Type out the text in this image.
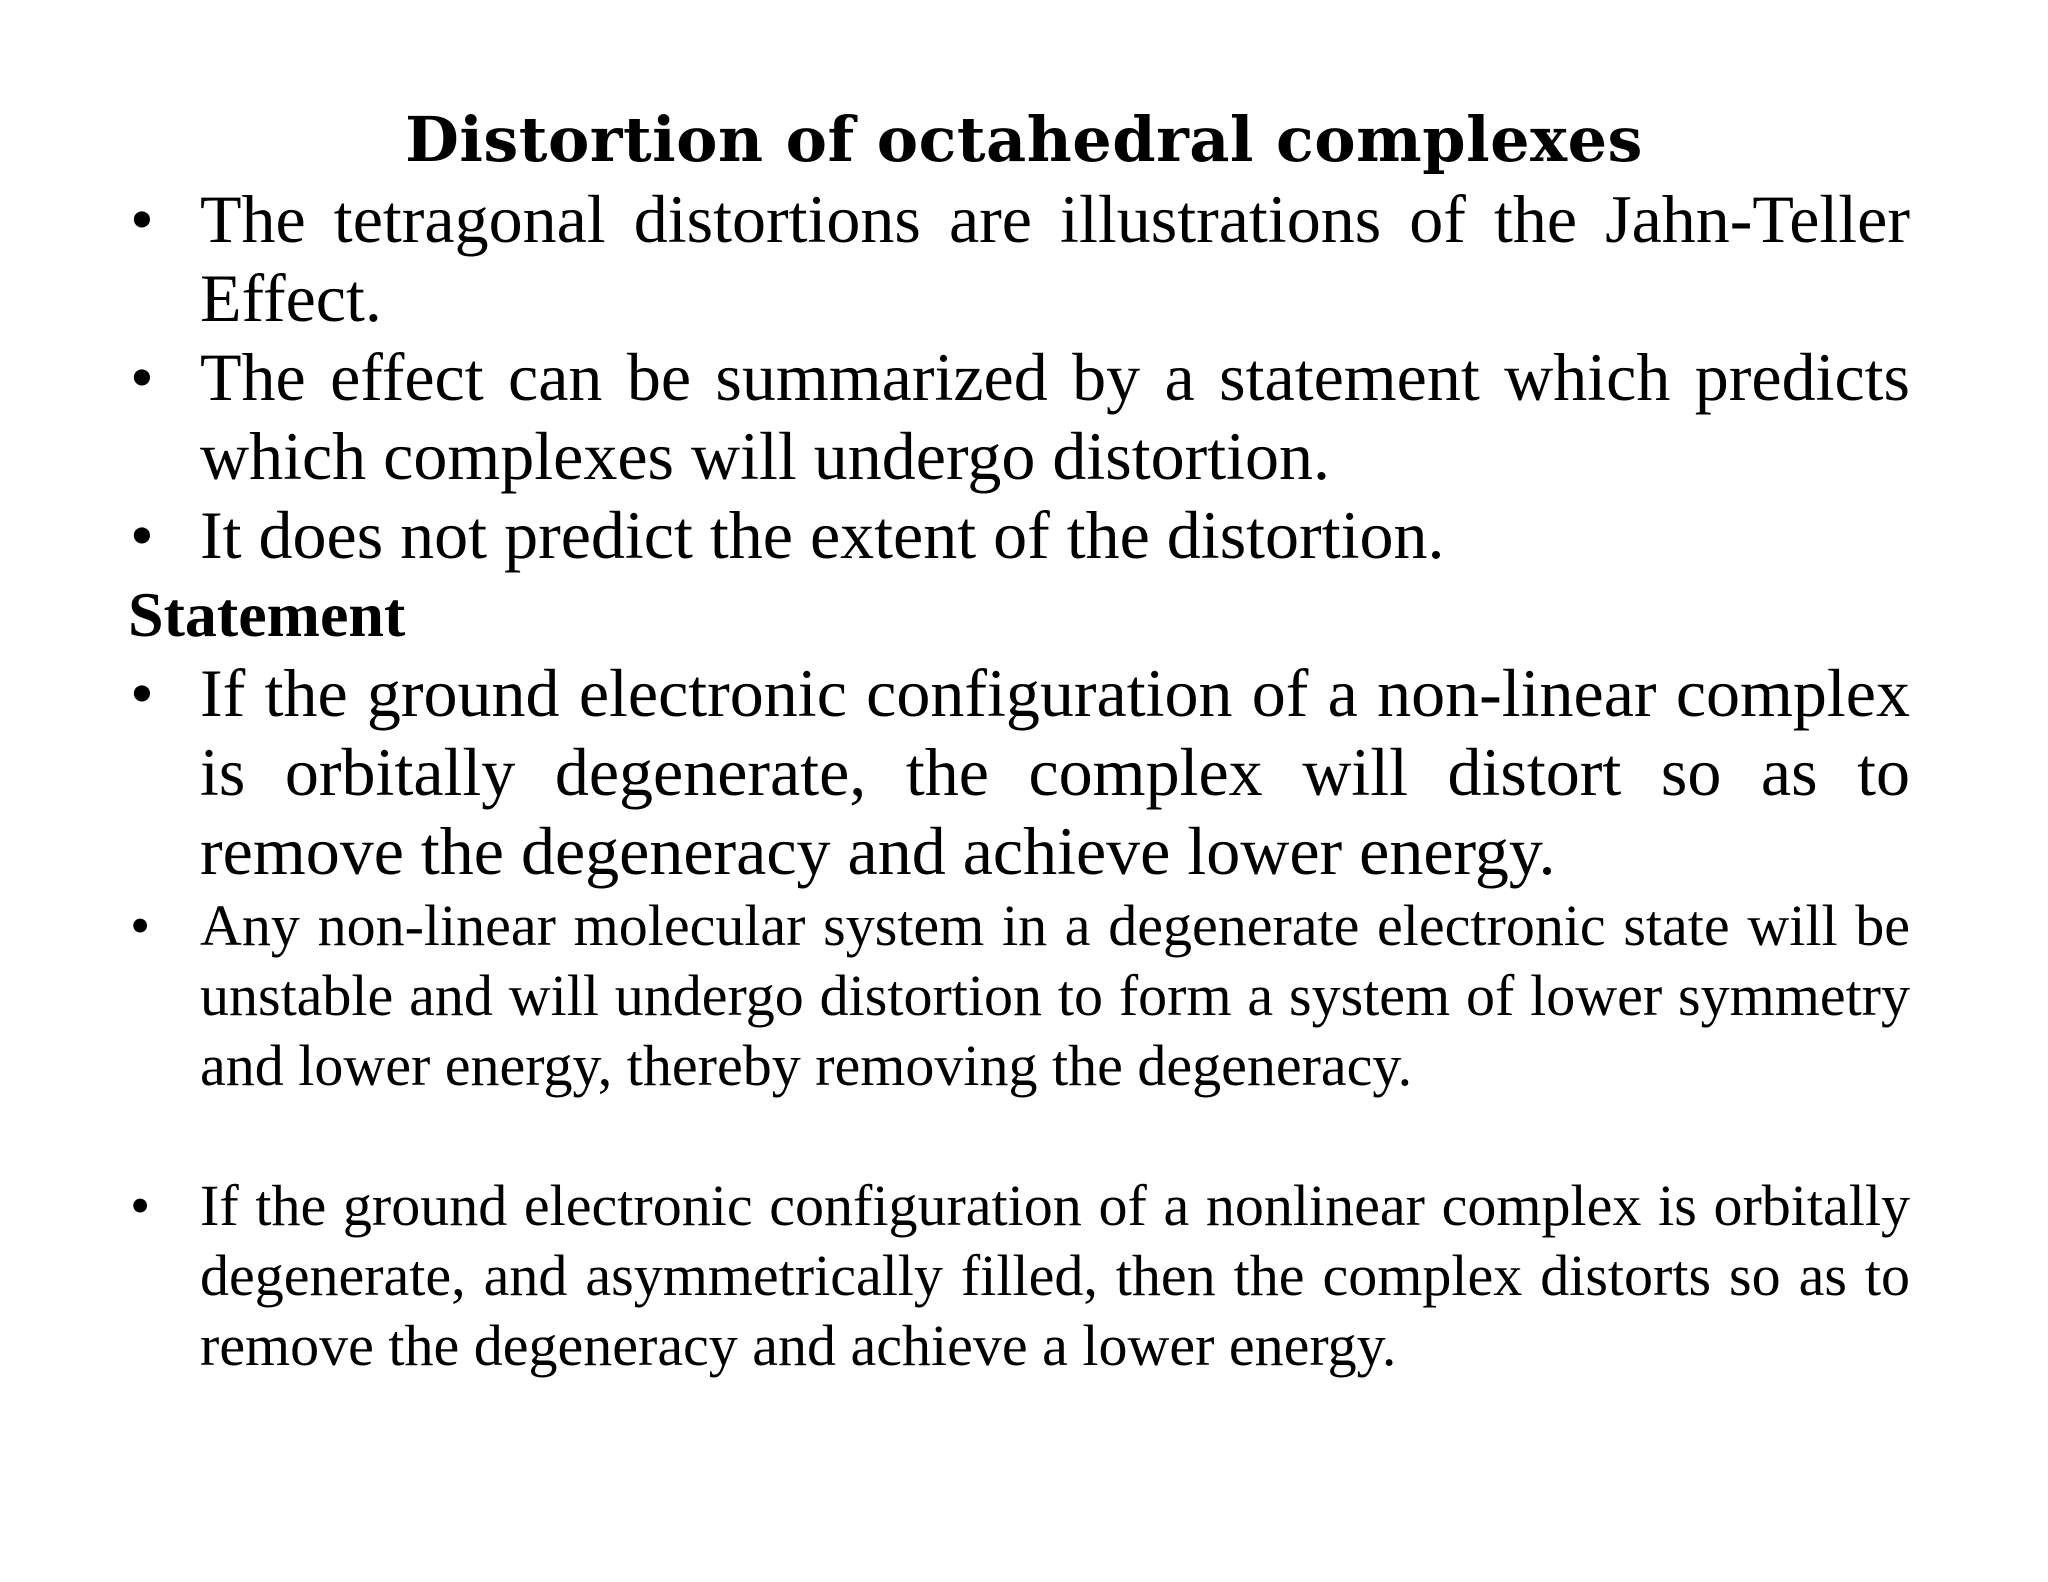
Distortion of octahedral complexes
• The tetragonal distortions are illustrations of the Jahn-Teller Effect.
• The effect can be summarized by a statement which predicts which complexes will undergo distortion.
• It does not predict the extent of the distortion.
Statement
• If the ground electronic configuration of a non-linear complex is orbitally degenerate, the complex will distort so as to remove the degeneracy and achieve lower energy.
• Any non-linear molecular system in a degenerate electronic state will be unstable and will undergo distortion to form a system of lower symmetry and lower energy, thereby removing the degeneracy.
• If the ground electronic configuration of a nonlinear complex is orbitally degenerate, and asymmetrically filled, then the complex distorts so as to remove the degeneracy and achieve a lower energy.
